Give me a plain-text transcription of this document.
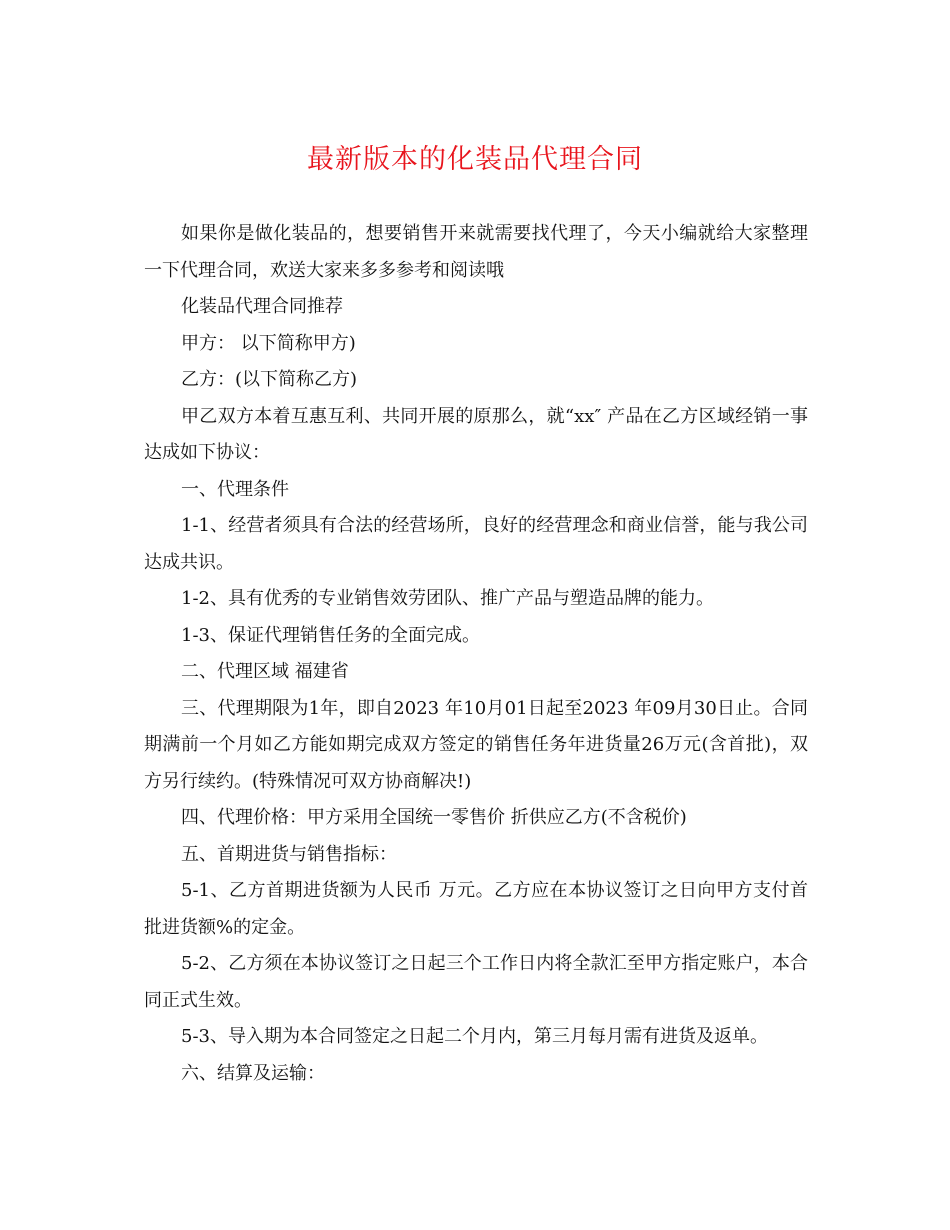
最新版本的化装品代理合同

如果你是做化装品的，想要销售开来就需要找代理了，今天小编就给大家整理一下代理合同，欢送大家来多多参考和阅读哦

化装品代理合同推荐

甲方： 以下简称甲方)

乙方：(以下简称乙方)

甲乙双方本着互惠互利、共同开展的原那么，就“xx″ 产品在乙方区域经销一事达成如下协议：

一、代理条件

1-1、经营者须具有合法的经营场所，良好的经营理念和商业信誉，能与我公司达成共识。

1-2、具有优秀的专业销售效劳团队、推广产品与塑造品牌的能力。

1-3、保证代理销售任务的全面完成。

二、代理区域 福建省

三、代理期限为1年，即自2023 年10月01日起至2023 年09月30日止。合同期满前一个月如乙方能如期完成双方签定的销售任务年进货量26万元(含首批)，双方另行续约。(特殊情况可双方协商解决!)

四、代理价格：甲方采用全国统一零售价 折供应乙方(不含税价)

五、首期进货与销售指标：

5-1、乙方首期进货额为人民币 万元。乙方应在本协议签订之日向甲方支付首批进货额%的定金。

5-2、乙方须在本协议签订之日起三个工作日内将全款汇至甲方指定账户，本合同正式生效。

5-3、导入期为本合同签定之日起二个月内，第三月每月需有进货及返单。

六、结算及运输：
